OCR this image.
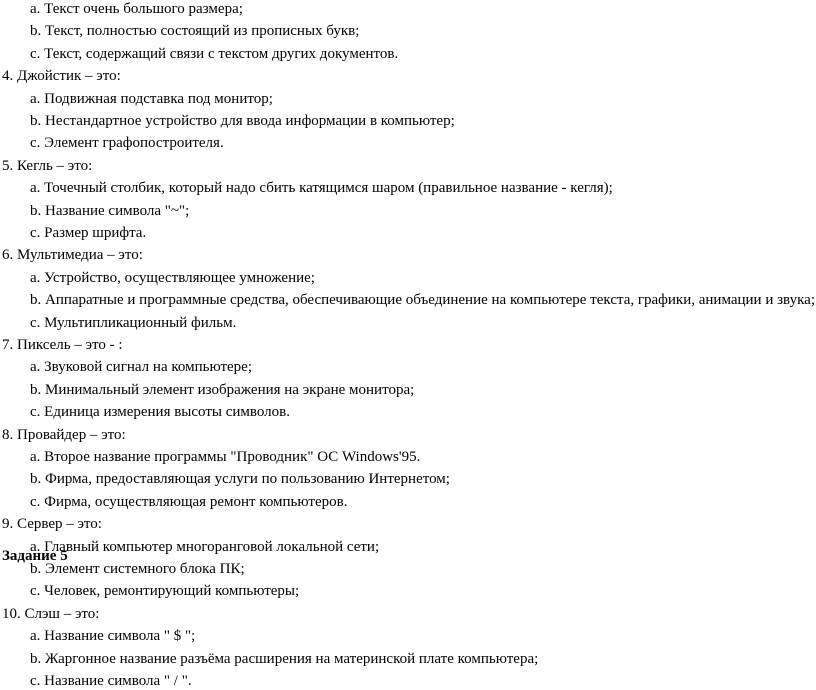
a. Текст очень большого размера;
b. Текст, полностью состоящий из прописных букв;
c. Текст, содержащий связи с текстом других документов.
4. Джойстик – это:
a. Подвижная подставка под монитор;
b. Нестандартное устройство для ввода информации в компьютер;
c. Элемент графопостроителя.
5. Кегль – это:
a. Точечный столбик, который надо сбить катящимся шаром (правильное название - кегля);
b. Название символа "~";
c. Размер шрифта.
6. Мультимедиа – это:
a. Устройство, осуществляющее умножение;
b. Аппаратные и программные средства, обеспечивающие объединение на компьютере текста, графики, анимации и звука;
c. Мультипликационный фильм.
7. Пиксель – это - :
a. Звуковой сигнал на компьютере;
b. Минимальный элемент изображения на экране монитора;
c. Единица измерения высоты символов.
8. Провайдер – это:
a. Второе название программы "Проводник" ОС Windows'95.
b. Фирма, предоставляющая услуги по пользованию Интернетом;
c. Фирма, осуществляющая ремонт компьютеров.
9. Сервер – это:
a. Главный компьютер многоранговой локальной сети;
b. Элемент системного блока ПК;
c. Человек, ремонтирующий компьютеры;
10. Слэш – это:
a. Название символа " $ ";
b. Жаргонное название разъёма расширения на материнской плате компьютера;
c. Название символа " / ".
Задание 5
